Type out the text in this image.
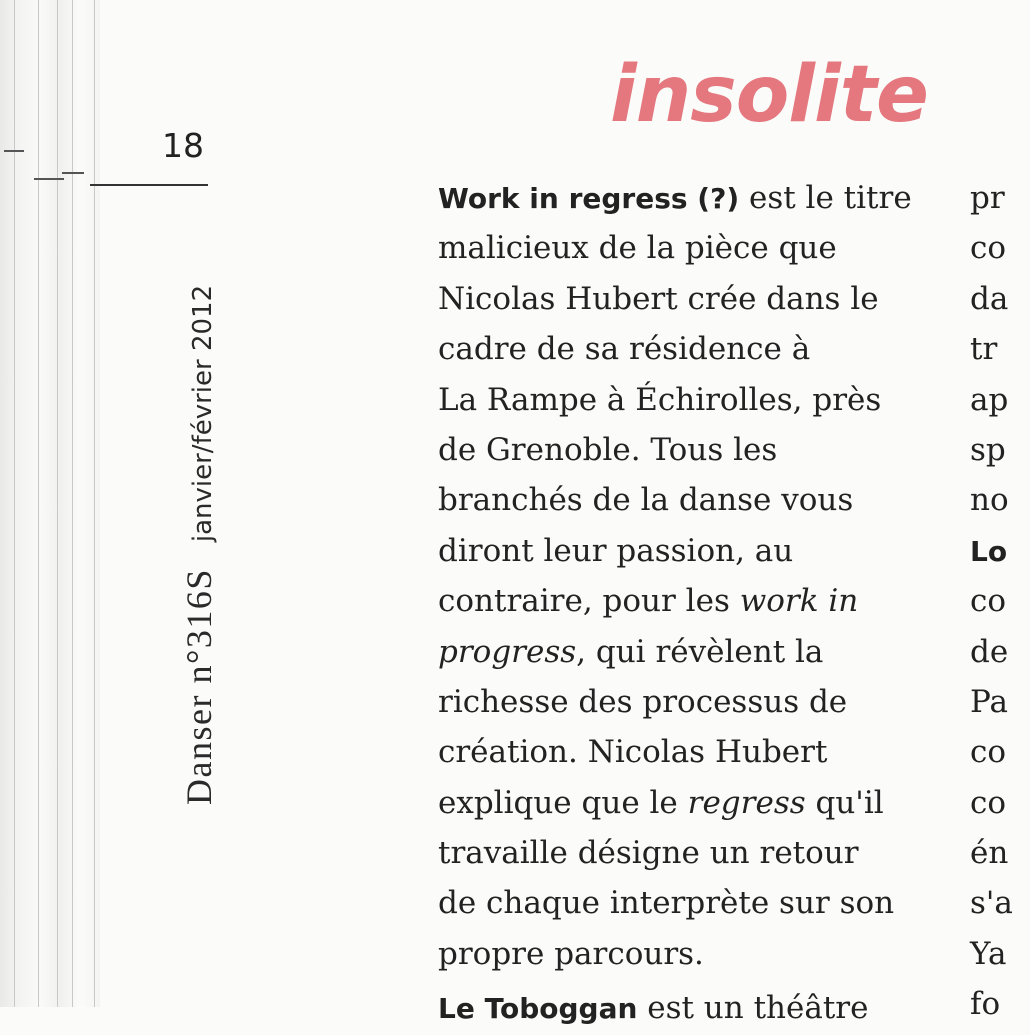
18
Danser n°316Sjanvier/février 2012
insolite
Work in regress (?) est le titre
malicieux de la pièce que
Nicolas Hubert crée dans le
cadre de sa résidence à
La Rampe à Échirolles, près
de Grenoble. Tous les
branchés de la danse vous
diront leur passion, au
contraire, pour les work in
progress, qui révèlent la
richesse des processus de
création. Nicolas Hubert
explique que le regress qu'il
travaille désigne un retour
de chaque interprète sur son
propre parcours.
Le Toboggan est un théâtre
pr
co
da
tr
ap
sp
no
Lo
co
de
Pa
co
co
én
s'a
Ya
fo
